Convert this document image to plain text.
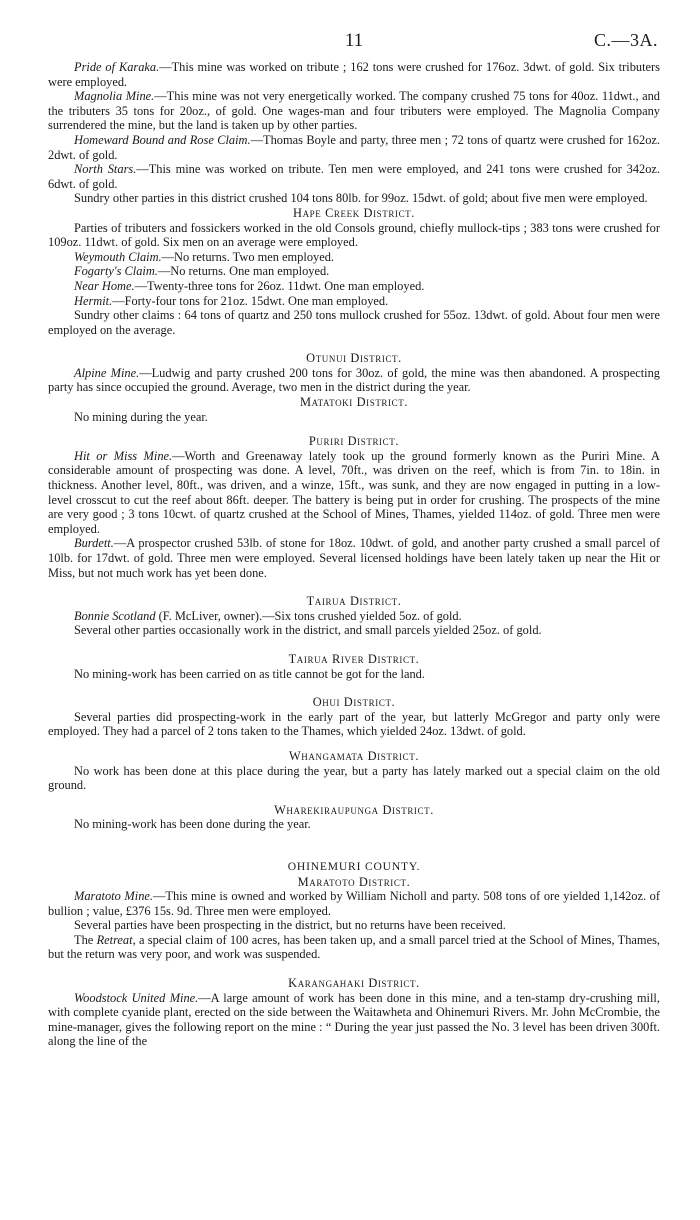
11	C.—3A.

Pride of Karaka.—This mine was worked on tribute ; 162 tons were crushed for 176oz. 3dwt. of gold. Six tributers were employed.

Magnolia Mine.—This mine was not very energetically worked. The company crushed 75 tons for 40oz. 11dwt., and the tributers 35 tons for 20oz., of gold. One wages-man and four tributers were employed. The Magnolia Company surrendered the mine, but the land is taken up by other parties.

Homeward Bound and Rose Claim.—Thomas Boyle and party, three men ; 72 tons of quartz were crushed for 162oz. 2dwt. of gold.

North Stars.—This mine was worked on tribute. Ten men were employed, and 241 tons were crushed for 342oz. 6dwt. of gold.

Sundry other parties in this district crushed 104 tons 80lb. for 99oz. 15dwt. of gold; about five men were employed.

Hape Creek District.

Parties of tributers and fossickers worked in the old Consols ground, chiefly mullock-tips ; 383 tons were crushed for 109oz. 11dwt. of gold. Six men on an average were employed.

Weymouth Claim.—No returns. Two men employed.

Fogarty's Claim.—No returns. One man employed.

Near Home.—Twenty-three tons for 26oz. 11dwt. One man employed.

Hermit.—Forty-four tons for 21oz. 15dwt. One man employed.

Sundry other claims : 64 tons of quartz and 250 tons mullock crushed for 55oz. 13dwt. of gold. About four men were employed on the average.

Otunui District.

Alpine Mine.—Ludwig and party crushed 200 tons for 30oz. of gold, the mine was then abandoned. A prospecting party has since occupied the ground. Average, two men in the district during the year.

Matatoki District.

No mining during the year.

Puriri District.

Hit or Miss Mine.—Worth and Greenaway lately took up the ground formerly known as the Puriri Mine. A considerable amount of prospecting was done. A level, 70ft., was driven on the reef, which is from 7in. to 18in. in thickness. Another level, 80ft., was driven, and a winze, 15ft., was sunk, and they are now engaged in putting in a low-level crosscut to cut the reef about 86ft. deeper. The battery is being put in order for crushing. The prospects of the mine are very good ; 3 tons 10cwt. of quartz crushed at the School of Mines, Thames, yielded 114oz. of gold. Three men were employed.

Burdett.—A prospector crushed 53lb. of stone for 18oz. 10dwt. of gold, and another party crushed a small parcel of 10lb. for 17dwt. of gold. Three men were employed. Several licensed holdings have been lately taken up near the Hit or Miss, but not much work has yet been done.

Tairua District.

Bonnie Scotland (F. McLiver, owner).—Six tons crushed yielded 5oz. of gold.

Several other parties occasionally work in the district, and small parcels yielded 25oz. of gold.

Tairua River District.

No mining-work has been carried on as title cannot be got for the land.

Ohui District.

Several parties did prospecting-work in the early part of the year, but latterly McGregor and party only were employed. They had a parcel of 2 tons taken to the Thames, which yielded 24oz. 13dwt. of gold.

Whangamata District.

No work has been done at this place during the year, but a party has lately marked out a special claim on the old ground.

Wharekiraupunga District.

No mining-work has been done during the year.

OHINEMURI COUNTY.
Maratoto District.

Maratoto Mine.—This mine is owned and worked by William Nicholl and party. 508 tons of ore yielded 1,142oz. of bullion ; value, £376 15s. 9d. Three men were employed.

Several parties have been prospecting in the district, but no returns have been received.

The Retreat, a special claim of 100 acres, has been taken up, and a small parcel tried at the School of Mines, Thames, but the return was very poor, and work was suspended.

Karangahaki District.

Woodstock United Mine.—A large amount of work has been done in this mine, and a ten-stamp dry-crushing mill, with complete cyanide plant, erected on the side between the Waitawheta and Ohinemuri Rivers. Mr. John McCrombie, the mine-manager, gives the following report on the mine : “ During the year just passed the No. 3 level has been driven 300ft. along the line of the
